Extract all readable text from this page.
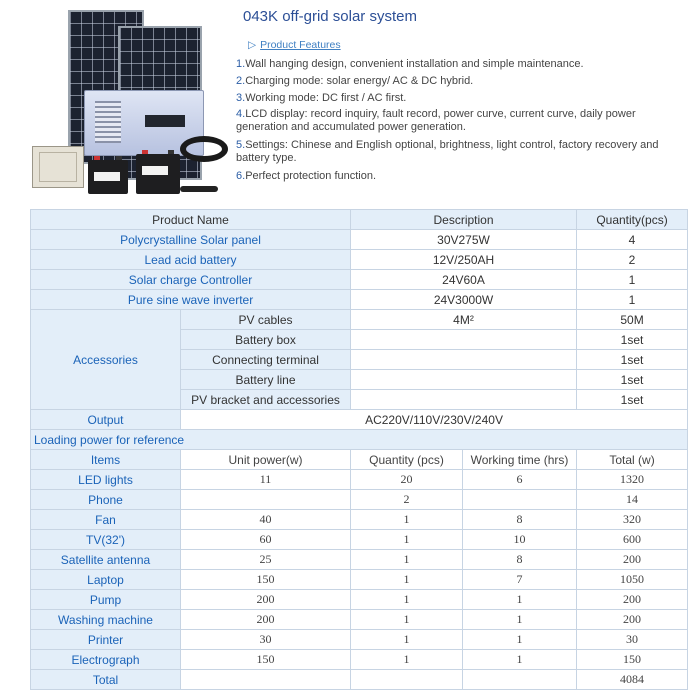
043K off-grid solar system
▷ Product Features
1.Wall hanging design, convenient installation and simple maintenance.
2.Charging mode: solar energy/ AC & DC hybrid.
3.Working mode: DC first / AC first.
4.LCD display: record inquiry, fault record, power curve, current curve, daily power generation and accumulated power generation.
5.Settings: Chinese and English optional, brightness, light control, factory recovery and battery type.
6.Perfect protection function.
Product Name		Description		Quantity(pcs)
Polycrystalline Solar panel		30V275W		4
Lead acid battery		12V/250AH		2
Solar charge Controller		24V60A		1
Pure sine wave inverter		24V3000W		1
Accessories	PV cables	4M²		50M
	Battery box			1set
	Connecting terminal			1set
	Battery line			1set
	PV bracket and accessories			1set
Output	AC220V/110V/230V/240V			
Loading power for reference				
Items	Unit power(w)	Quantity (pcs)	Working time (hrs)	Total (w)
LED lights	11	20	6	1320
Phone		2		14
Fan	40	1	8	320
TV(32')	60	1	10	600
Satellite antenna	25	1	8	200
Laptop	150	1	7	1050
Pump	200	1	1	200
Washing machine	200	1	1	200
Printer	30	1	1	30
Electrograph	150	1	1	150
Total				4084
